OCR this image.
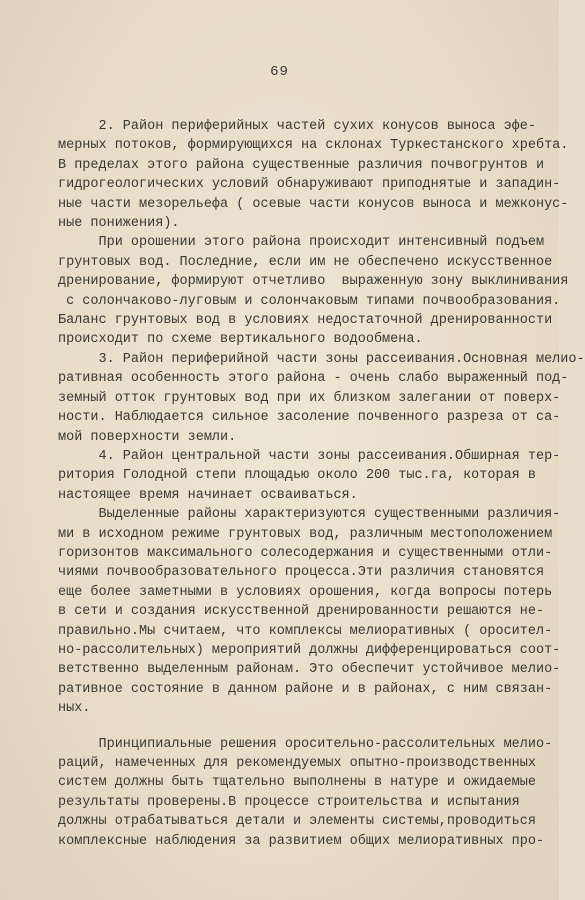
69
2. Район периферийных частей сухих конусов выноса эфе-
мерных потоков, формирующихся на склонах Туркестанского хребта.
В пределах этого района существенные различия почвогрунтов и
гидрогеологических условий обнаруживают приподнятые и западин-
ные части мезорельефа ( осевые части конусов выноса и межконус-
ные понижения).
При орошении этого района происходит интенсивный подъем
грунтовых вод. Последние, если им не обеспечено искусственное
дренирование, формируют отчетливо  выраженную зону выклинивания
с солончаково-луговым и солончаковым типами почвообразования.
Баланс грунтовых вод в условиях недостаточной дренированности
происходит по схеме вертикального водообмена.
3. Район периферийной части зоны рассеивания.Основная мелио-
ративная особенность этого района - очень слабо выраженный под-
земный отток грунтовых вод при их близком залегании от поверх-
ности. Наблюдается сильное засоление почвенного разреза от са-
мой поверхности земли.
4. Район центральной части зоны рассеивания.Обширная тер-
ритория Голодной степи площадью около 200 тыс.га, которая в
настоящее время начинает осваиваться.
Выделенные районы характеризуются существенными различия-
ми в исходном режиме грунтовых вод, различным местоположением
горизонтов максимального солесодержания и существенными отли-
чиями почвообразовательного процесса.Эти различия становятся
еще более заметными в условиях орошения, когда вопросы потерь
в сети и создания искусственной дренированности решаются не-
правильно.Мы считаем, что комплексы мелиоративных ( оросител-
но-рассолительных) мероприятий должны дифференцироваться соот-
ветственно выделенным районам. Это обеспечит устойчивое мелио-
ративное состояние в данном районе и в районах, с ним связан-
ных.
Принципиальные решения оросительно-рассолительных мелио-
раций, намеченных для рекомендуемых опытно-производственных
систем должны быть тщательно выполнены в натуре и ожидаемые
результаты проверены.В процессе строительства и испытания
должны отрабатываться детали и элементы системы,проводиться
комплексные наблюдения за развитием общих мелиоративных про-
